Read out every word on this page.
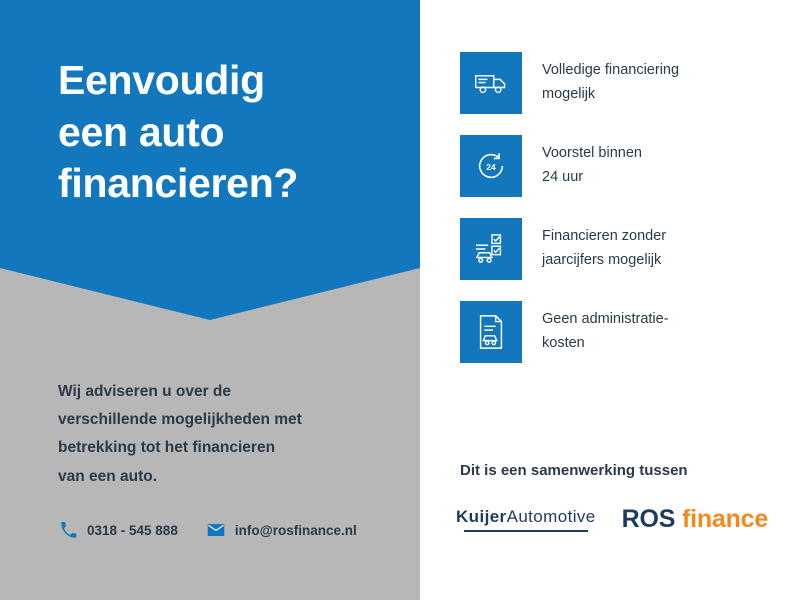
Eenvoudig
een auto
financieren?
Wij adviseren u over de
verschillende mogelijkheden met
betrekking tot het financieren
van een auto.
0318 - 545 888	info@rosfinance.nl
Volledige financiering
mogelijk
24
Voorstel binnen
24 uur
Financieren zonder
jaarcijfers mogelijk
Geen administratie-
kosten
Dit is een samenwerking tussen
KuijerAutomotive ROS finance
